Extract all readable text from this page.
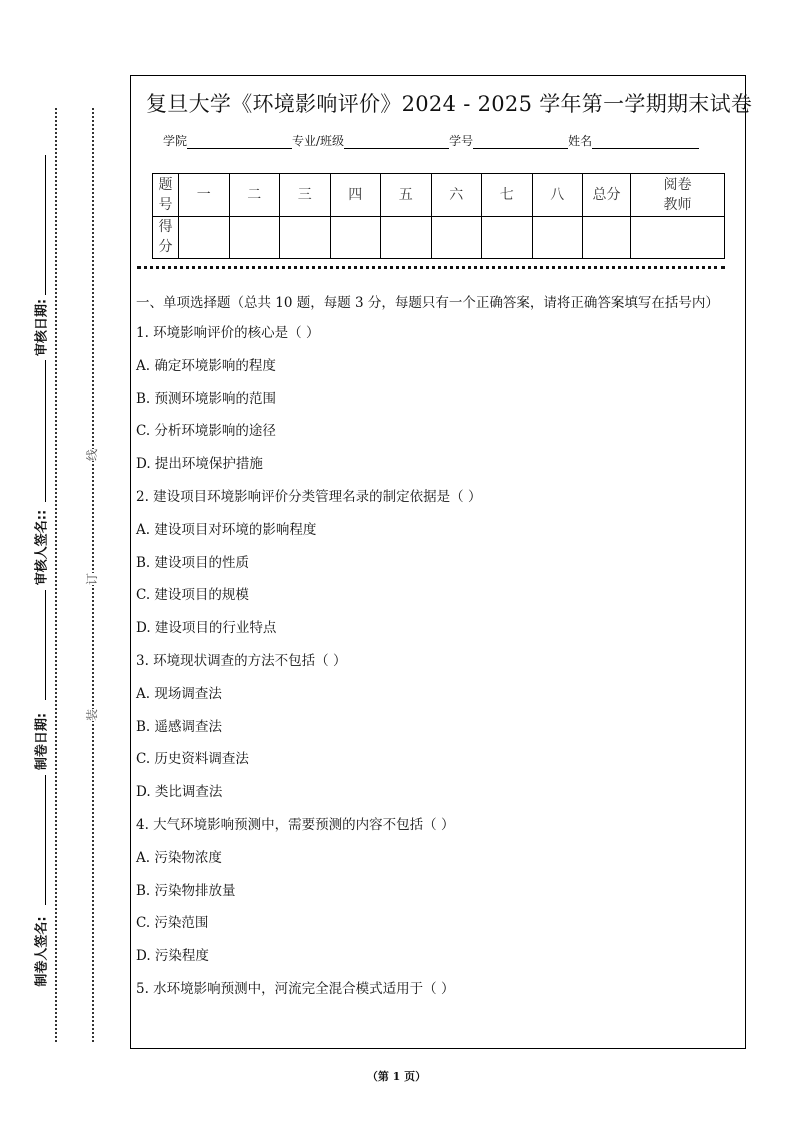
审核日期:
审核人签名::
制卷日期:
制卷人签名:
线
订
装
复旦大学《环境影响评价》2024 - 2025 学年第一学期期末试卷
学院	专业/班级	学号	姓名
题号	一	二	三	四	五	六	七	八	总分	阅卷教师
得分										
一、单项选择题（总共 10 题，每题 3 分，每题只有一个正确答案，请将正确答案填写在括号内）
1. 环境影响评价的核心是（ ）
A. 确定环境影响的程度
B. 预测环境影响的范围
C. 分析环境影响的途径
D. 提出环境保护措施
2. 建设项目环境影响评价分类管理名录的制定依据是（ ）
A. 建设项目对环境的影响程度
B. 建设项目的性质
C. 建设项目的规模
D. 建设项目的行业特点
3. 环境现状调查的方法不包括（ ）
A. 现场调查法
B. 遥感调查法
C. 历史资料调查法
D. 类比调查法
4. 大气环境影响预测中，需要预测的内容不包括（ ）
A. 污染物浓度
B. 污染物排放量
C. 污染范围
D. 污染程度
5. 水环境影响预测中，河流完全混合模式适用于（ ）
（第 1 页）
